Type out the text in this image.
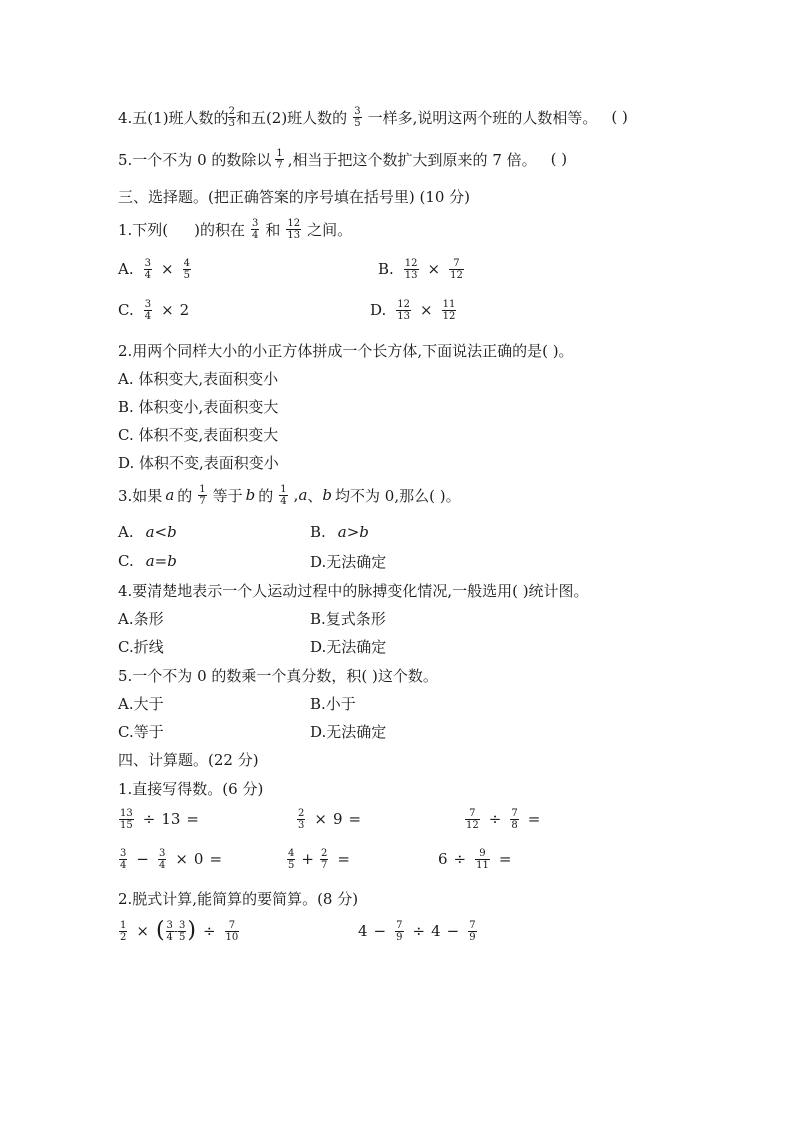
4.五(1)班人数的 $\frac{2}{3}$ 和五(2)班人数的 $\frac{3}{5}$ 一样多,说明这两个班的人数相等。 ( )
5.一个不为 0 的数除以 $\frac{1}{7}$ ,相当于把这个数扩大到原来的 7 倍。 ( )
三、选择题。(把正确答案的序号填在括号里) (10 分)
1.下列( )的积在 $\frac{3}{4}$ 和 $\frac{12}{13}$ 之间。
A. $\frac{3}{4} \times \frac{4}{5}$	B. $\frac{12}{13} \times \frac{7}{12}$
C. $\frac{3}{4} \times 2$	D. $\frac{12}{13} \times \frac{11}{12}$
2.用两个同样大小的小正方体拼成一个长方体,下面说法正确的是( )。
A. 体积变大,表面积变小
B. 体积变小,表面积变大
C. 体积不变,表面积变大
D. 体积不变,表面积变小
3.如果 a 的 $\frac{1}{7}$ 等于 b 的 $\frac{1}{4}$ , a 、 b 均不为 0,那么( )。
A. a<b	B. a>b
C. a=b	D.无法确定
4.要清楚地表示一个人运动过程中的脉搏变化情况,一般选用( )统计图。
A.条形	B.复式条形
C.折线	D.无法确定
5.一个不为 0 的数乘一个真分数，积( )这个数。
A.大于	B.小于
C.等于	D.无法确定
四、计算题。(22 分)
1.直接写得数。(6 分)
$\frac{13}{15} \div 13$ =	$\frac{2}{3} \times 9$ =	$\frac{7}{12} \div \frac{7}{8}$ =
$\frac{3}{4} - \frac{3}{4} \times 0$ =	$\frac{4}{5} + \frac{2}{7}$ =	$6 \div \frac{9}{11}$ =
2.脱式计算,能简算的要简算。(8 分)
$\frac{1}{2}$ × ( $\frac{3}{4} - \frac{3}{5}$ ) ÷ $\frac{7}{10}$	$4 - \frac{7}{9} \div 4 - \frac{7}{9}$
